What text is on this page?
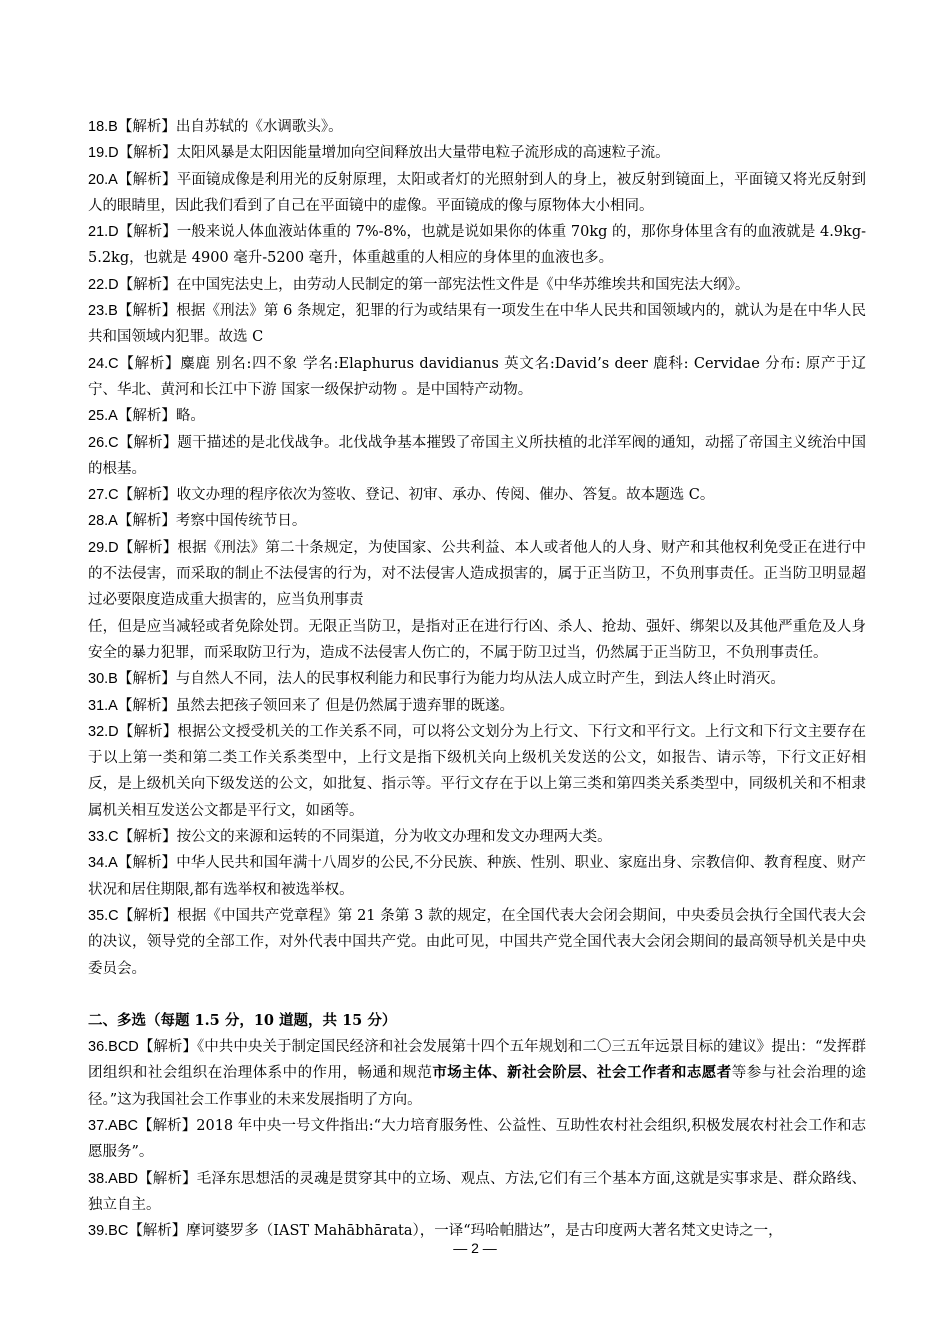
18.B【解析】出自苏轼的《水调歌头》。

19.D【解析】太阳风暴是太阳因能量增加向空间释放出大量带电粒子流形成的高速粒子流。

20.A【解析】平面镜成像是利用光的反射原理，太阳或者灯的光照射到人的身上，被反射到镜面上，平面镜又将光反射到人的眼睛里，因此我们看到了自己在平面镜中的虚像。平面镜成的像与原物体大小相同。

21.D【解析】一般来说人体血液站体重的 7%-8%，也就是说如果你的体重 70kg 的，那你身体里含有的血液就是 4.9kg-5.2kg，也就是 4900 毫升-5200 毫升，体重越重的人相应的身体里的血液也多。

22.D【解析】在中国宪法史上，由劳动人民制定的第一部宪法性文件是《中华苏维埃共和国宪法大纲》。

23.B【解析】根据《刑法》第 6 条规定，犯罪的行为或结果有一项发生在中华人民共和国领域内的，就认为是在中华人民共和国领域内犯罪。故选 C

24.C【解析】麋鹿 别名:四不象 学名:Elaphurus davidianus 英文名:David’s deer 鹿科: Cervidae 分布: 原产于辽宁、华北、黄河和长江中下游 国家一级保护动物 。是中国特产动物。

25.A【解析】略。

26.C【解析】题干描述的是北伐战争。北伐战争基本摧毁了帝国主义所扶植的北洋军阀的通知，动摇了帝国主义统治中国的根基。

27.C【解析】收文办理的程序依次为签收、登记、初审、承办、传阅、催办、答复。故本题选 C。

28.A【解析】考察中国传统节日。

29.D【解析】根据《刑法》第二十条规定，为使国家、公共利益、本人或者他人的人身、财产和其他权利免受正在进行中的不法侵害，而采取的制止不法侵害的行为，对不法侵害人造成损害的，属于正当防卫，不负刑事责任。正当防卫明显超过必要限度造成重大损害的，应当负刑事责

任，但是应当减轻或者免除处罚。无限正当防卫，是指对正在进行行凶、杀人、抢劫、强奸、绑架以及其他严重危及人身安全的暴力犯罪，而采取防卫行为，造成不法侵害人伤亡的，不属于防卫过当，仍然属于正当防卫，不负刑事责任。

30.B【解析】与自然人不同，法人的民事权利能力和民事行为能力均从法人成立时产生，到法人终止时消灭。

31.A【解析】虽然去把孩子领回来了 但是仍然属于遗弃罪的既遂。

32.D【解析】根据公文授受机关的工作关系不同，可以将公文划分为上行文、下行文和平行文。上行文和下行文主要存在于以上第一类和第二类工作关系类型中，上行文是指下级机关向上级机关发送的公文，如报告、请示等，下行文正好相反，是上级机关向下级发送的公文，如批复、指示等。平行文存在于以上第三类和第四类关系类型中，同级机关和不相隶属机关相互发送公文都是平行文，如函等。

33.C【解析】按公文的来源和运转的不同渠道，分为收文办理和发文办理两大类。

34.A【解析】中华人民共和国年满十八周岁的公民,不分民族、种族、性别、职业、家庭出身、宗教信仰、教育程度、财产状况和居住期限,都有选举权和被选举权。

35.C【解析】根据《中国共产党章程》第 21 条第 3 款的规定，在全国代表大会闭会期间，中央委员会执行全国代表大会的决议，领导党的全部工作，对外代表中国共产党。由此可见，中国共产党全国代表大会闭会期间的最高领导机关是中央委员会。

二、多选（每题 1.5 分，10 道题，共 15 分）

36.BCD【解析】《中共中央关于制定国民经济和社会发展第十四个五年规划和二〇三五年远景目标的建议》提出：“发挥群团组织和社会组织在治理体系中的作用，畅通和规范市场主体、新社会阶层、社会工作者和志愿者等参与社会治理的途径。”这为我国社会工作事业的未来发展指明了方向。

37.ABC【解析】2018 年中央一号文件指出:“大力培育服务性、公益性、互助性农村社会组织,积极发展农村社会工作和志愿服务”。

38.ABD【解析】毛泽东思想活的灵魂是贯穿其中的立场、观点、方法,它们有三个基本方面,这就是实事求是、群众路线、独立自主。

39.BC【解析】摩诃婆罗多（IAST Mahābhārata），一译“玛哈帕腊达”，是古印度两大著名梵文史诗之一，

— 2 —
